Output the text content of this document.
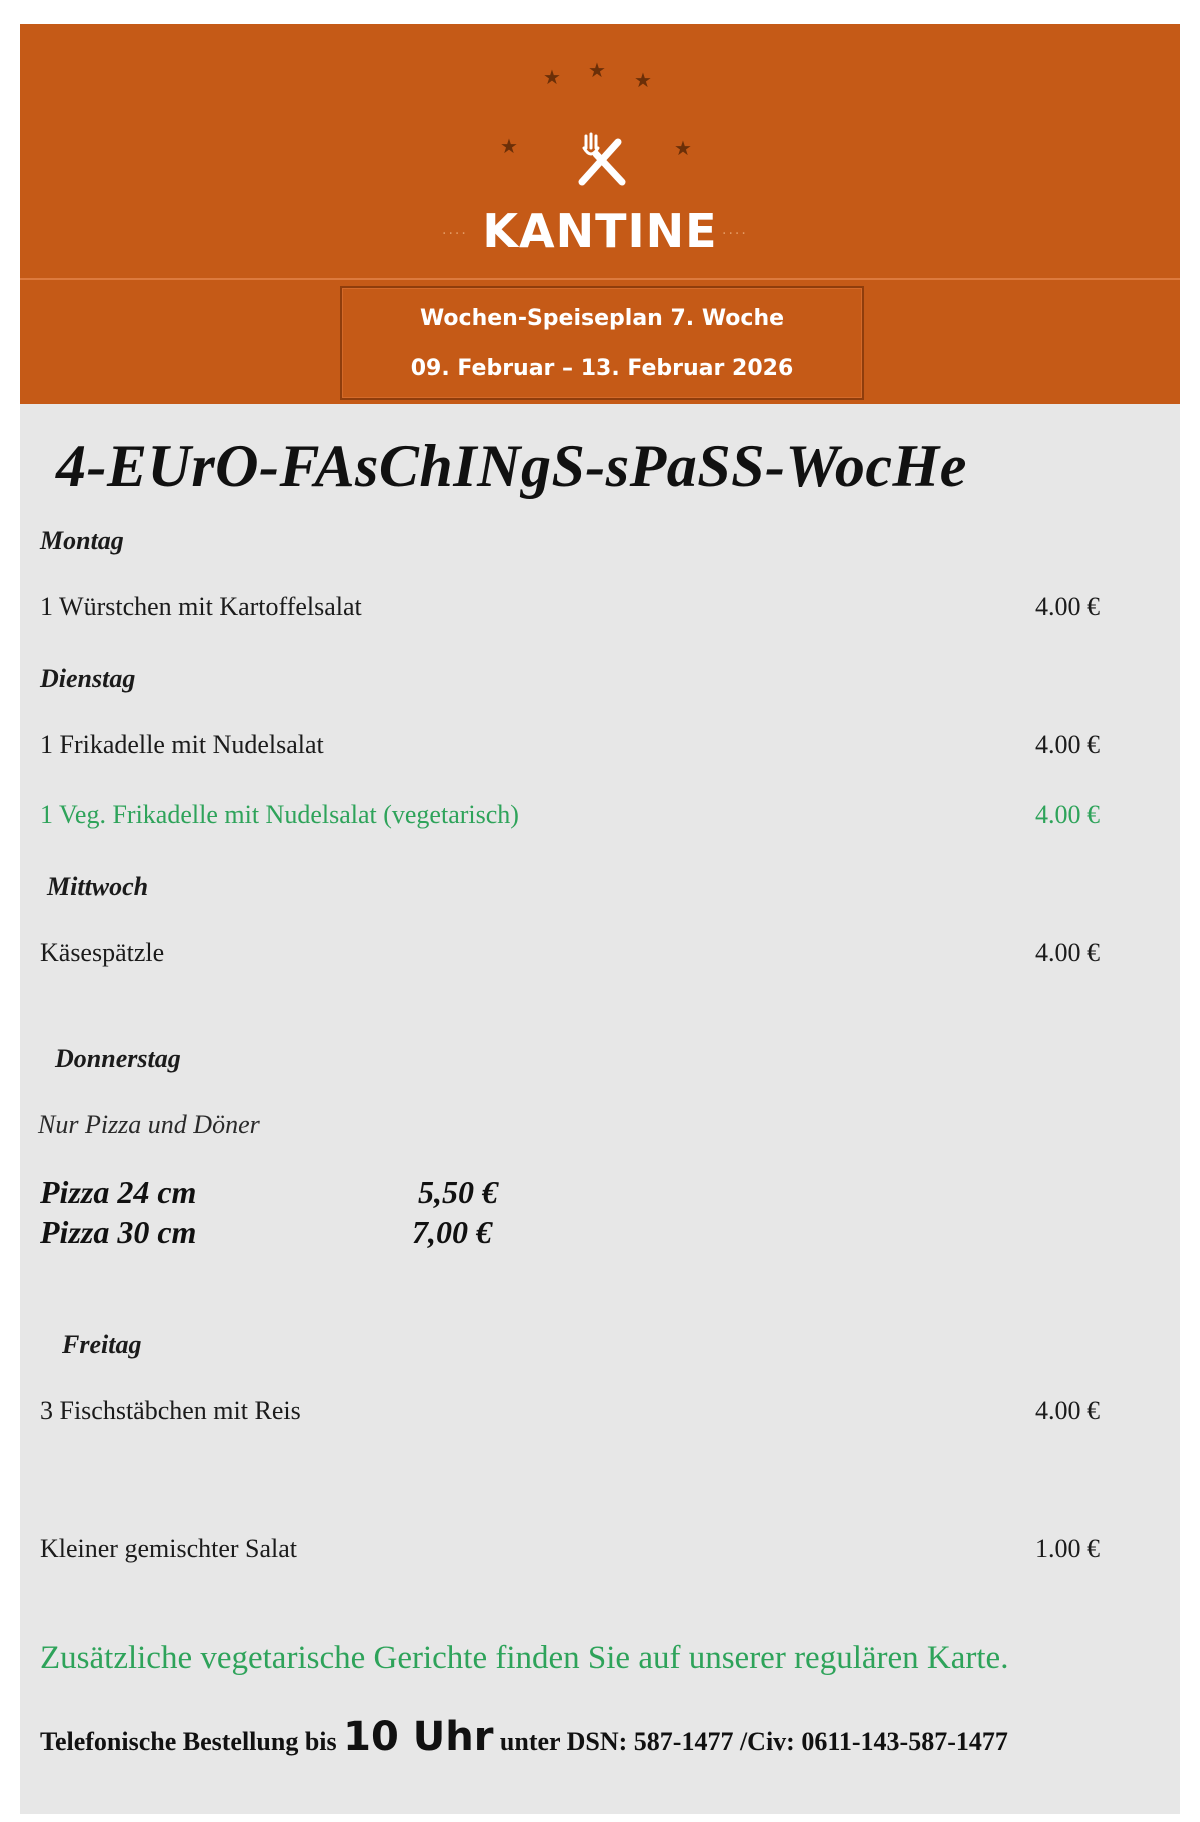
★ ★ ★
★	★
···· KANTINE ····
Wochen-Speiseplan 7. Woche
09. Februar – 13. Februar 2026
4-EUrO-FAsChINgS-sPaSS-WocHe
Montag
1 Würstchen mit Kartoffelsalat	4.00 €
Dienstag
1 Frikadelle mit Nudelsalat	4.00 €
1 Veg. Frikadelle mit Nudelsalat (vegetarisch)	4.00 €
Mittwoch
Käsespätzle	4.00 €
Donnerstag
Nur Pizza und Döner
Pizza 24 cm	5,50 €
Pizza 30 cm	7,00 €
Freitag
3 Fischstäbchen mit Reis	4.00 €
Kleiner gemischter Salat	1.00 €
Zusätzliche vegetarische Gerichte finden Sie auf unserer regulären Karte.
Telefonische Bestellung bis 10 Uhr unter DSN: 587-1477 /Civ: 0611-143-587-1477
